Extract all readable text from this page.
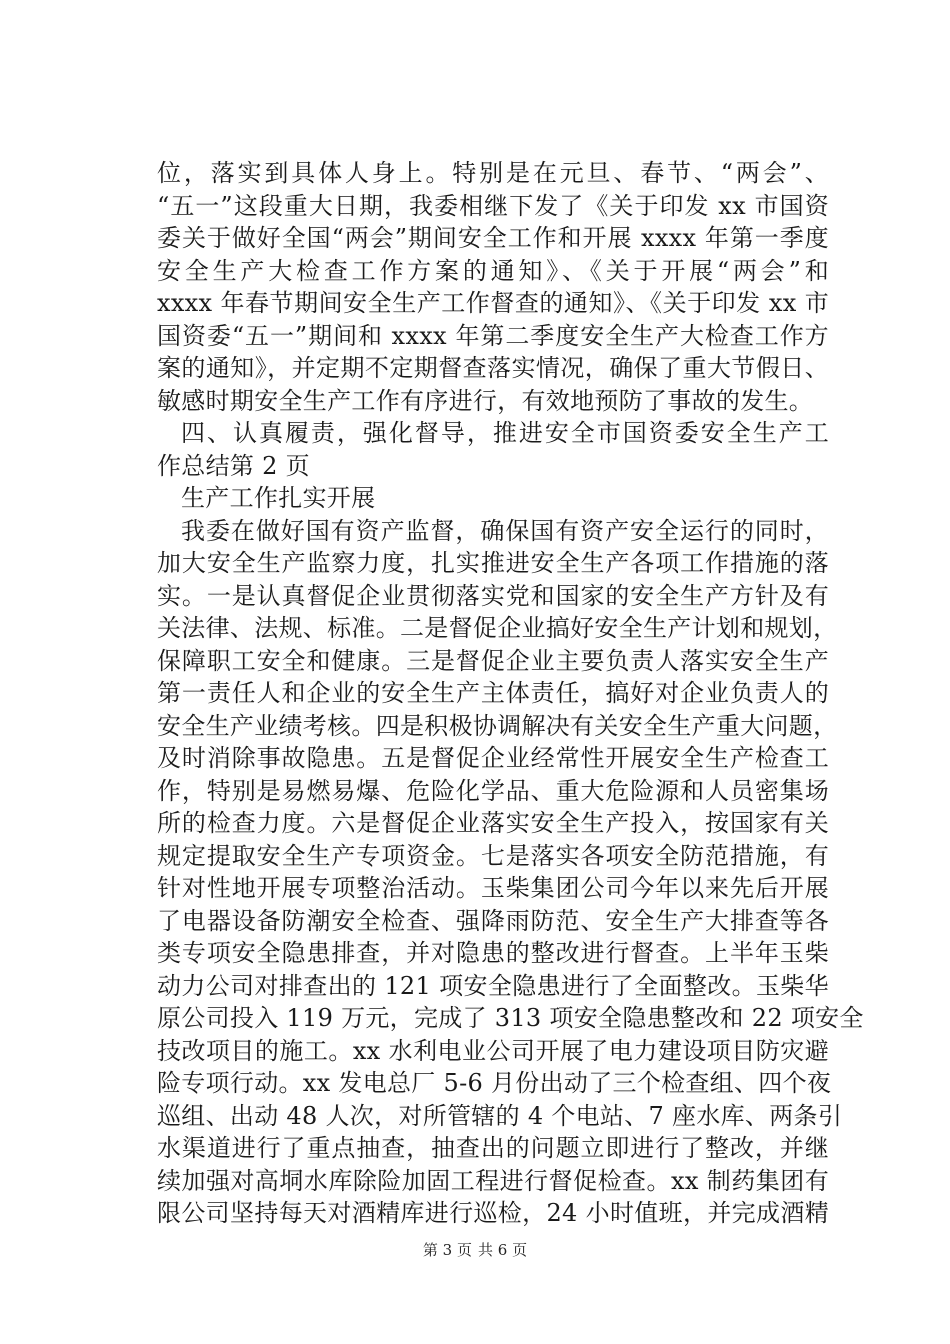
位，落实到具体人身上。特别是在元旦、春节、“两会”、
“五一”这段重大日期，我委相继下发了《关于印发 xx 市国资
委关于做好全国“两会”期间安全工作和开展 xxxx 年第一季度
安全生产大检查工作方案的通知》、《关于开展“两会”和
xxxx 年春节期间安全生产工作督查的通知》、《关于印发 xx 市
国资委“五一”期间和 xxxx 年第二季度安全生产大检查工作方
案的通知》，并定期不定期督查落实情况，确保了重大节假日、
敏感时期安全生产工作有序进行，有效地预防了事故的发生。
四、认真履责，强化督导，推进安全市国资委安全生产工
作总结第 2 页
生产工作扎实开展
我委在做好国有资产监督，确保国有资产安全运行的同时，
加大安全生产监察力度，扎实推进安全生产各项工作措施的落
实。一是认真督促企业贯彻落实党和国家的安全生产方针及有
关法律、法规、标准。二是督促企业搞好安全生产计划和规划，
保障职工安全和健康。三是督促企业主要负责人落实安全生产
第一责任人和企业的安全生产主体责任，搞好对企业负责人的
安全生产业绩考核。四是积极协调解决有关安全生产重大问题，
及时消除事故隐患。五是督促企业经常性开展安全生产检查工
作，特别是易燃易爆、危险化学品、重大危险源和人员密集场
所的检查力度。六是督促企业落实安全生产投入，按国家有关
规定提取安全生产专项资金。七是落实各项安全防范措施，有
针对性地开展专项整治活动。玉柴集团公司今年以来先后开展
了电器设备防潮安全检查、强降雨防范、安全生产大排查等各
类专项安全隐患排查，并对隐患的整改进行督查。上半年玉柴
动力公司对排查出的 121 项安全隐患进行了全面整改。玉柴华
原公司投入 119 万元，完成了 313 项安全隐患整改和 22 项安全
技改项目的施工。xx 水利电业公司开展了电力建设项目防灾避
险专项行动。xx 发电总厂 5-6 月份出动了三个检查组、四个夜
巡组、出动 48 人次，对所管辖的 4 个电站、7 座水库、两条引
水渠道进行了重点抽查，抽查出的问题立即进行了整改，并继
续加强对高垌水库除险加固工程进行督促检查。xx 制药集团有
限公司坚持每天对酒精库进行巡检，24 小时值班，并完成酒精
第 3 页 共 6 页
